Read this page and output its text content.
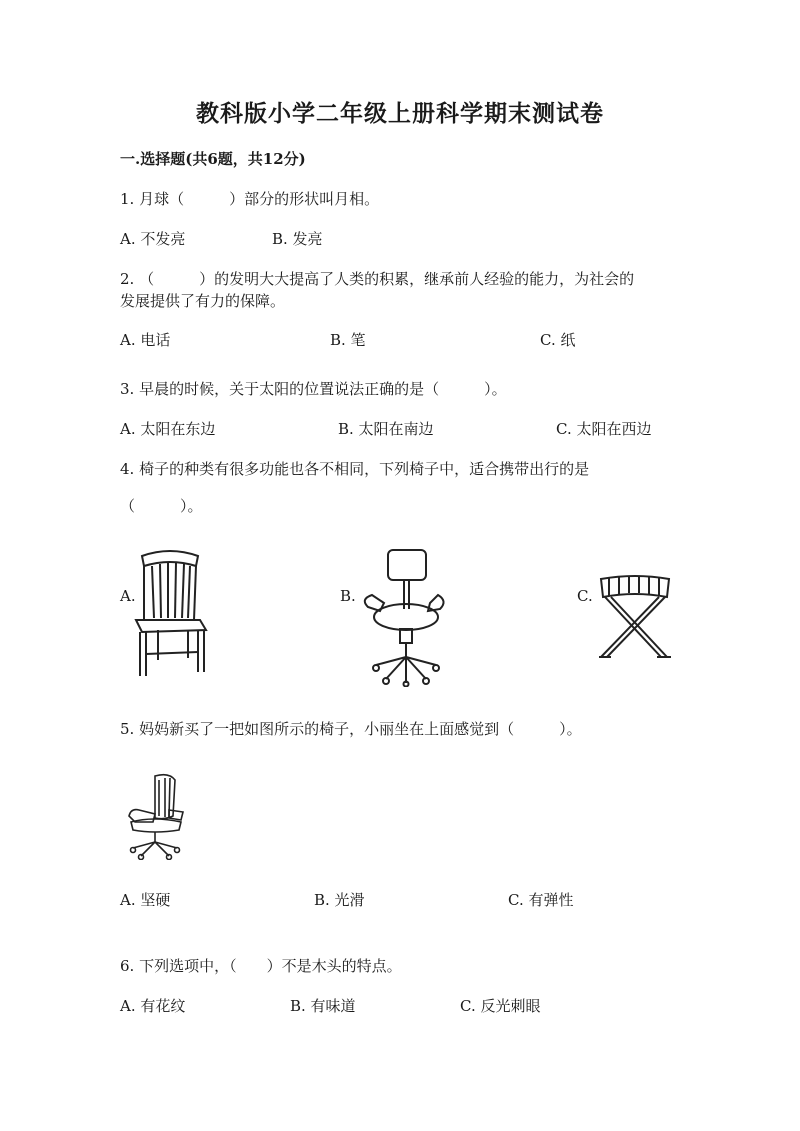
教科版小学二年级上册科学期末测试卷
一.选择题(共6题，共12分)
1. 月球（　　　）部分的形状叫月相。
A. 不发亮	B. 发亮
2. （　　　）的发明大大提高了人类的积累，继承前人经验的能力，为社会的
发展提供了有力的保障。
A. 电话	B. 笔	C. 纸
3. 早晨的时候，关于太阳的位置说法正确的是（　　　）。
A. 太阳在东边	B. 太阳在南边	C. 太阳在西边
4. 椅子的种类有很多功能也各不相同，下列椅子中，适合携带出行的是
（　　　）。
A.	B.	C.
5. 妈妈新买了一把如图所示的椅子，小丽坐在上面感觉到（　　　）。
A. 坚硬	B. 光滑	C. 有弹性
6. 下列选项中，（　　）不是木头的特点。
A. 有花纹	B. 有味道	C. 反光刺眼
